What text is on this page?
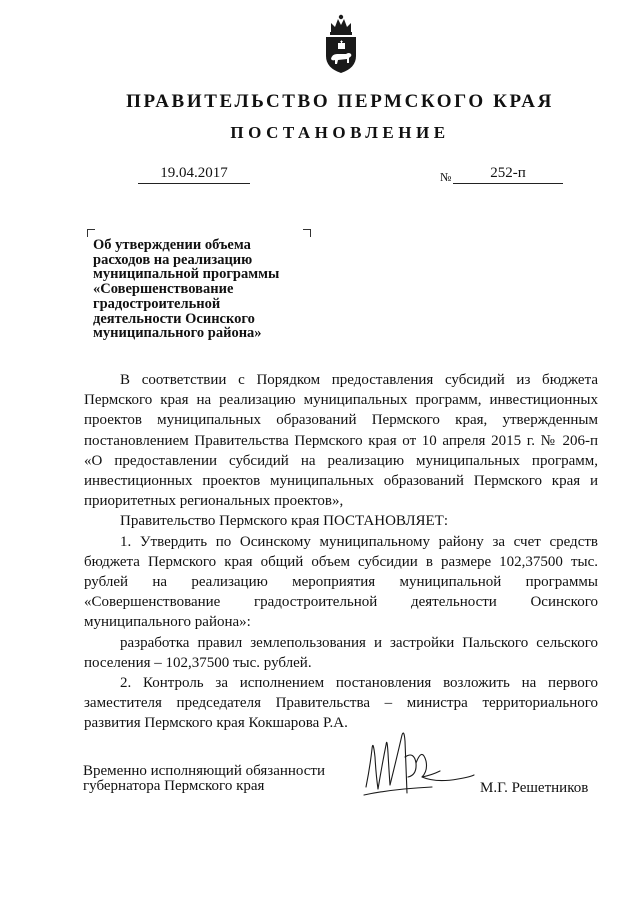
ПРАВИТЕЛЬСТВО ПЕРМСКОГО КРАЯ
ПОСТАНОВЛЕНИЕ
19.04.2017	№	252-п
Об утверждении объема
расходов на реализацию
муниципальной программы
«Совершенствование
градостроительной
деятельности Осинского
муниципального района»

В соответствии с Порядком предоставления субсидий из бюджета Пермского края на реализацию муниципальных программ, инвестиционных проектов муниципальных образований Пермского края, утвержденным постановлением Правительства Пермского края от 10 апреля 2015 г. № 206-п «О предоставлении субсидий на реализацию муниципальных программ, инвестиционных проектов муниципальных образований Пермского края и приоритетных региональных проектов»,

Правительство Пермского края ПОСТАНОВЛЯЕТ:

1. Утвердить по Осинскому муниципальному району за счет средств бюджета Пермского края общий объем субсидии в размере 102,37500 тыс. рублей на реализацию мероприятия муниципальной программы «Совершенствование градостроительной деятельности Осинского муниципального района»:

разработка правил землепользования и застройки Пальского сельского поселения – 102,37500 тыс. рублей.

2. Контроль за исполнением постановления возложить на первого заместителя председателя Правительства – министра территориального развития Пермского края Кокшарова Р.А.

Временно исполняющий обязанности
губернатора Пермского края	М.Г. Решетников
